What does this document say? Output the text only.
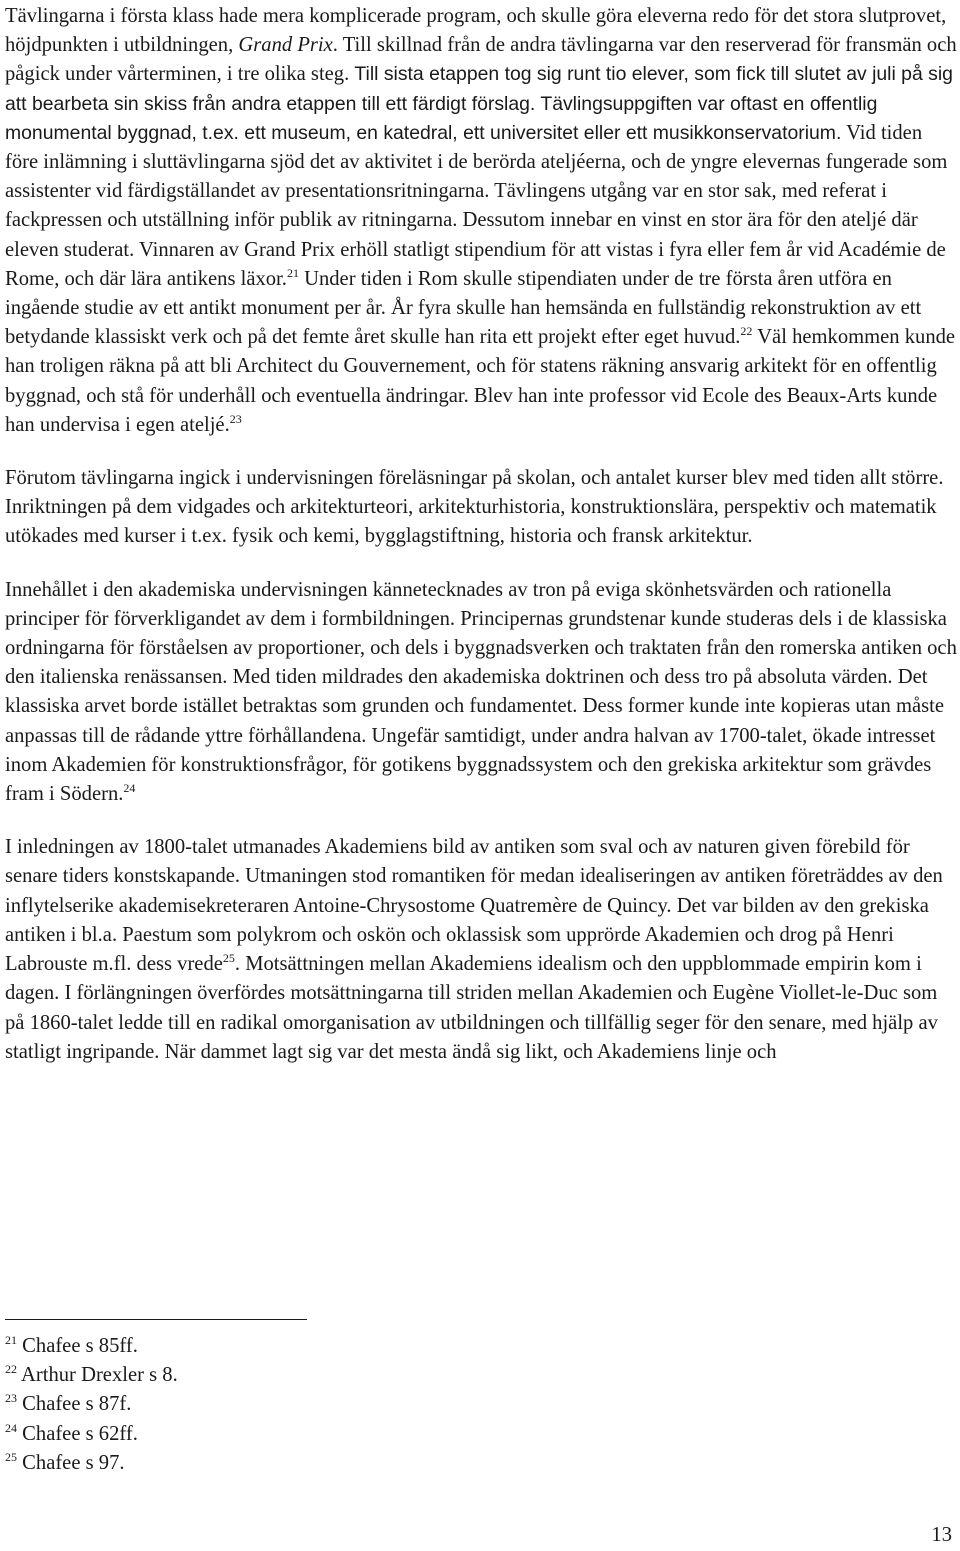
Tävlingarna i första klass hade mera komplicerade program, och skulle göra eleverna redo för det stora slutprovet, höjdpunkten i utbildningen, Grand Prix. Till skillnad från de andra tävlingarna var den reserverad för fransmän och pågick under vårterminen, i tre olika steg. Till sista etappen tog sig runt tio elever, som fick till slutet av juli på sig att bearbeta sin skiss från andra etappen till ett färdigt förslag. Tävlingsuppgiften var oftast en offentlig monumental byggnad, t.ex. ett museum, en katedral, ett universitet eller ett musikkonservatorium. Vid tiden före inlämning i sluttävlingarna sjöd det av aktivitet i de berörda ateljéerna, och de yngre elevernas fungerade som assistenter vid färdigställandet av presentationsritningarna. Tävlingens utgång var en stor sak, med referat i fackpressen och utställning inför publik av ritningarna. Dessutom innebar en vinst en stor ära för den ateljé där eleven studerat. Vinnaren av Grand Prix erhöll statligt stipendium för att vistas i fyra eller fem år vid Académie de Rome, och där lära antikens läxor.$^{21}$ Under tiden i Rom skulle stipendiaten under de tre första åren utföra en ingående studie av ett antikt monument per år. År fyra skulle han hemsända en fullständig rekonstruktion av ett betydande klassiskt verk och på det femte året skulle han rita ett projekt efter eget huvud.$^{22}$ Väl hemkommen kunde han troligen räkna på att bli Architect du Gouvernement, och för statens räkning ansvarig arkitekt för en offentlig byggnad, och stå för underhåll och eventuella ändringar. Blev han inte professor vid Ecole des Beaux-Arts kunde han undervisa i egen ateljé.$^{23}$

Förutom tävlingarna ingick i undervisningen föreläsningar på skolan, och antalet kurser blev med tiden allt större. Inriktningen på dem vidgades och arkitekturteori, arkitekturhistoria, konstruktionslära, perspektiv och matematik utökades med kurser i t.ex. fysik och kemi, bygglagstiftning, historia och fransk arkitektur.

Innehållet i den akademiska undervisningen kännetecknades av tron på eviga skönhetsvärden och rationella principer för förverkligandet av dem i formbildningen. Principernas grundstenar kunde studeras dels i de klassiska ordningarna för förståelsen av proportioner, och dels i byggnadsverken och traktaten från den romerska antiken och den italienska renässansen. Med tiden mildrades den akademiska doktrinen och dess tro på absoluta värden. Det klassiska arvet borde istället betraktas som grunden och fundamentet. Dess former kunde inte kopieras utan måste anpassas till de rådande yttre förhållandena. Ungefär samtidigt, under andra halvan av 1700-talet, ökade intresset inom Akademien för konstruktionsfrågor, för gotikens byggnadssystem och den grekiska arkitektur som grävdes fram i Södern.$^{24}$

I inledningen av 1800-talet utmanades Akademiens bild av antiken som sval och av naturen given förebild för senare tiders konstskapande. Utmaningen stod romantiken för medan idealiseringen av antiken företräddes av den inflytelserike akademisekreteraren Antoine-Chrysostome Quatremère de Quincy. Det var bilden av den grekiska antiken i bl.a. Paestum som polykrom och oskön och oklassisk som upprörde Akademien och drog på Henri Labrouste m.fl. dess vrede$^{25}$. Motsättningen mellan Akademiens idealism och den uppblommade empirin kom i dagen. I förlängningen överfördes motsättningarna till striden mellan Akademien och Eugène Viollet-le-Duc som på 1860-talet ledde till en radikal omorganisation av utbildningen och tillfällig seger för den senare, med hjälp av statligt ingripande. När dammet lagt sig var det mesta ändå sig likt, och Akademiens linje och

$^{21}$ Chafee s 85ff.
$^{22}$ Arthur Drexler s 8.
$^{23}$ Chafee s 87f.
$^{24}$ Chafee s 62ff.
$^{25}$ Chafee s 97.
13
